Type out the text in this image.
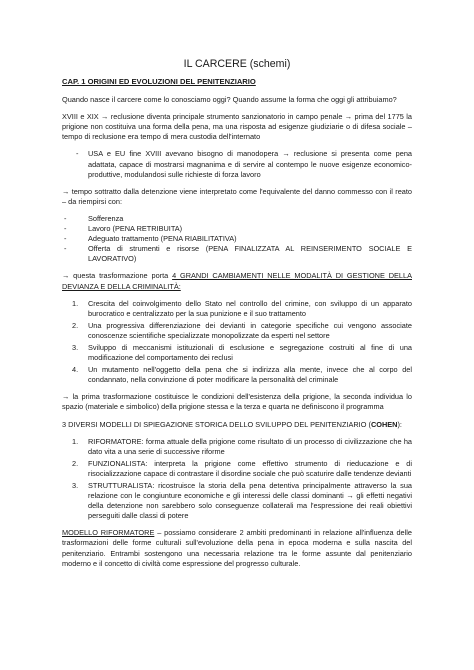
IL CARCERE (schemi)
CAP. 1 ORIGINI ED EVOLUZIONI DEL PENITENZIARIO

Quando nasce il carcere come lo conosciamo oggi? Quando assume la forma che oggi gli attribuiamo?

XVIII e XIX → reclusione diventa principale strumento sanzionatorio in campo penale → prima del 1775 la prigione non costituiva una forma della pena, ma una risposta ad esigenze giudiziarie o di difesa sociale – tempo di reclusione era tempo di mera custodia dell'internato

- USA e EU fine XVIII avevano bisogno di manodopera → reclusione si presenta come pena adattata, capace di mostrarsi magnanima e di servire al contempo le nuove esigenze economico-produttive, modulandosi sulle richieste di forza lavoro

→ tempo sottratto dalla detenzione viene interpretato come l'equivalente del danno commesso con il reato – da riempirsi con:

- Sofferenza
- Lavoro (PENA RETRIBUITA)
- Adeguato trattamento (PENA RIABILITATIVA)
- Offerta di strumenti e risorse (PENA FINALIZZATA AL REINSERIMENTO SOCIALE E LAVORATIVO)

→ questa trasformazione porta 4 GRANDI CAMBIAMENTI NELLE MODALITÀ DI GESTIONE DELLA DEVIANZA E DELLA CRIMINALITÀ:

1. Crescita del coinvolgimento dello Stato nel controllo del crimine, con sviluppo di un apparato burocratico e centralizzato per la sua punizione e il suo trattamento
2. Una progressiva differenziazione dei devianti in categorie specifiche cui vengono associate conoscenze scientifiche specializzate monopolizzate da esperti nel settore
3. Sviluppo di meccanismi istituzionali di esclusione e segregazione costruiti al fine di una modificazione del comportamento dei reclusi
4. Un mutamento nell'oggetto della pena che si indirizza alla mente, invece che al corpo del condannato, nella convinzione di poter modificare la personalità del criminale

→ la prima trasformazione costituisce le condizioni dell'esistenza della prigione, la seconda individua lo spazio (materiale e simbolico) della prigione stessa e la terza e quarta ne definiscono il programma

3 DIVERSI MODELLI DI SPIEGAZIONE STORICA DELLO SVILUPPO DEL PENITENZIARIO (COHEN):

1. RIFORMATORE: forma attuale della prigione come risultato di un processo di civilizzazione che ha dato vita a una serie di successive riforme
2. FUNZIONALISTA: interpreta la prigione come effettivo strumento di rieducazione e di risocializzazione capace di contrastare il disordine sociale che può scaturire dalle tendenze devianti
3. STRUTTURALISTA: ricostruisce la storia della pena detentiva principalmente attraverso la sua relazione con le congiunture economiche e gli interessi delle classi dominanti → gli effetti negativi della detenzione non sarebbero solo conseguenze collaterali ma l'espressione dei reali obiettivi perseguiti dalle classi di potere

MODELLO RIFORMATORE – possiamo considerare 2 ambiti predominanti in relazione all'influenza delle trasformazioni delle forme culturali sull'evoluzione della pena in epoca moderna e sulla nascita del penitenziario. Entrambi sostengono una necessaria relazione tra le forme assunte dal penitenziario moderno e il concetto di civiltà come espressione del progresso culturale.
